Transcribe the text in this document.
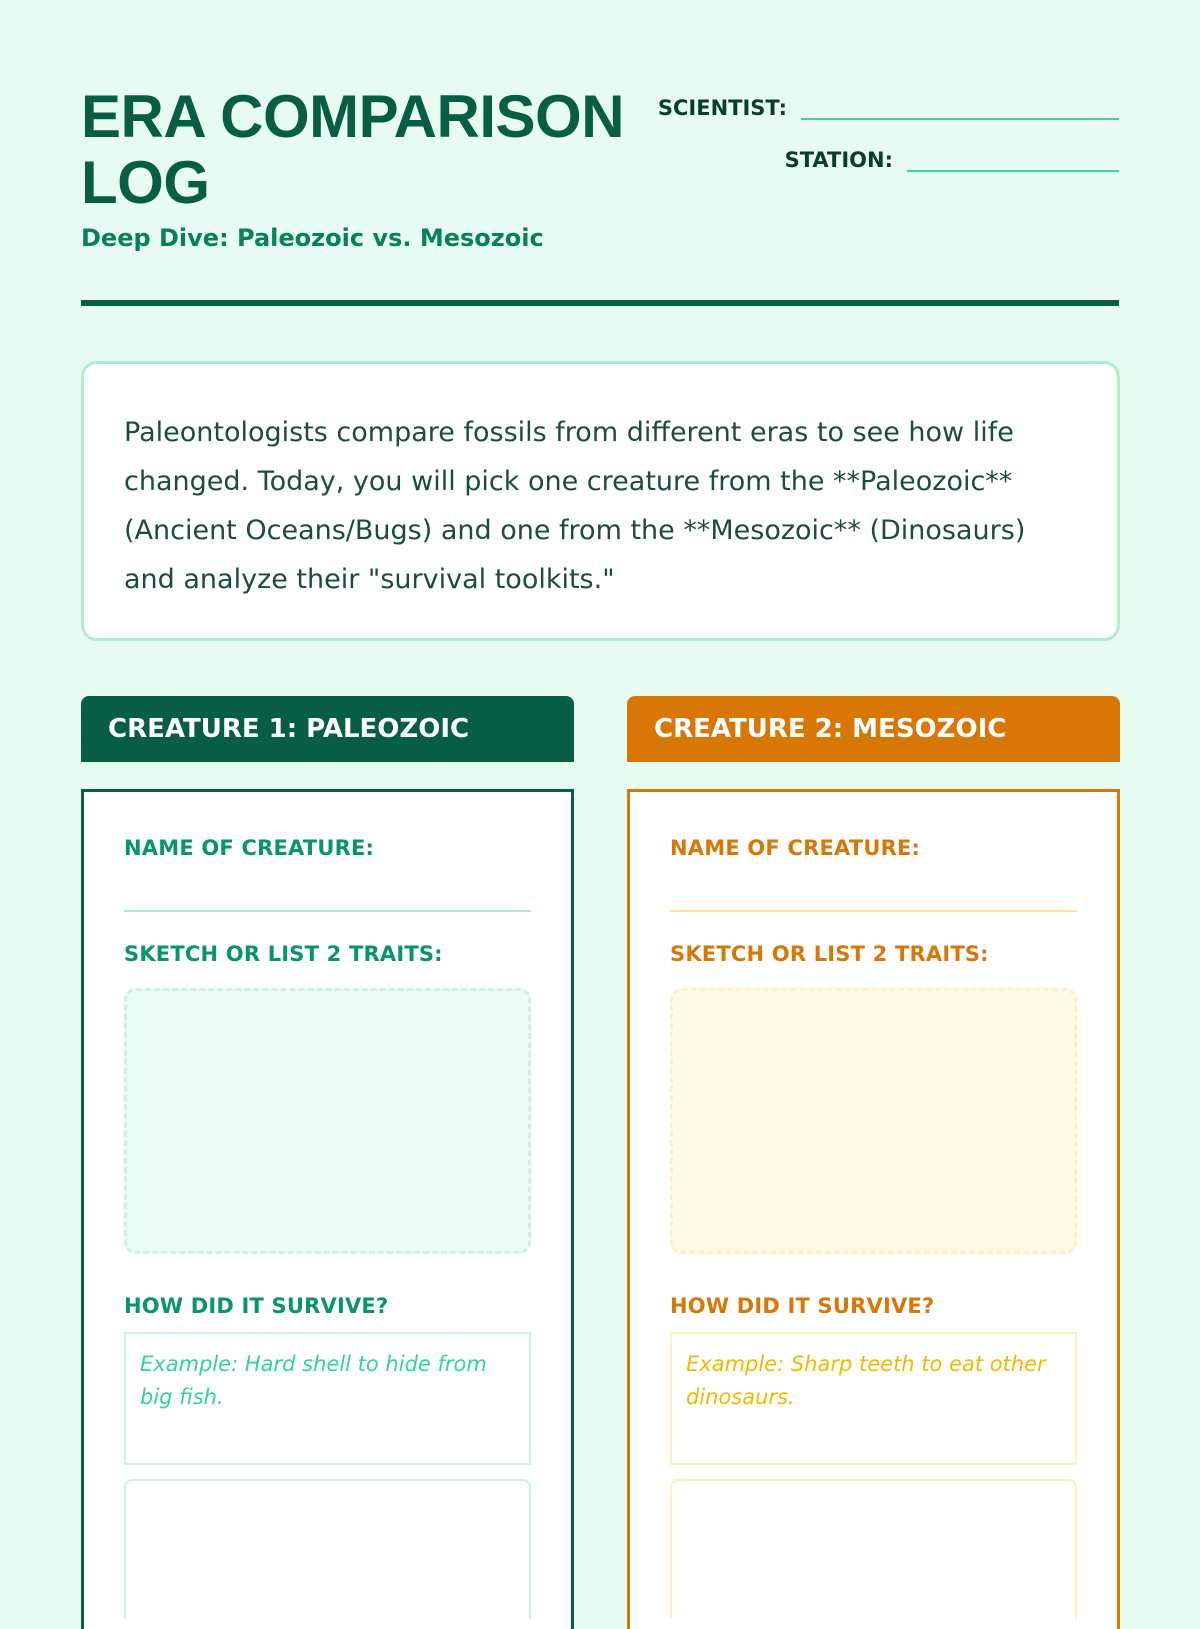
ERA COMPARISON LOG
Deep Dive: Paleozoic vs. Mesozoic
SCIENTIST:
STATION:

Paleontologists compare fossils from different eras to see how life changed. Today, you will pick one creature from the **Paleozoic** (Ancient Oceans/Bugs) and one from the **Mesozoic** (Dinosaurs) and analyze their "survival toolkits."

CREATURE 1: PALEOZOIC
NAME OF CREATURE:
SKETCH OR LIST 2 TRAITS:
HOW DID IT SURVIVE?
Example: Hard shell to hide from big fish.
CREATURE 2: MESOZOIC
NAME OF CREATURE:
SKETCH OR LIST 2 TRAITS:
HOW DID IT SURVIVE?
Example: Sharp teeth to eat other dinosaurs.
